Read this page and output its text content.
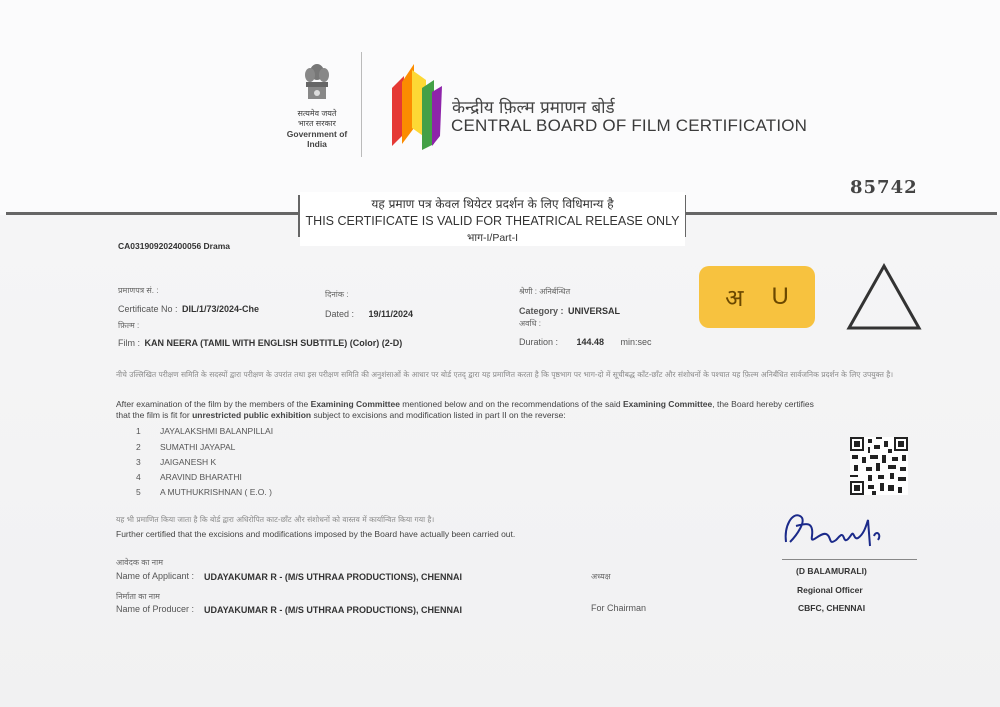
सत्यमेव जयते
भारत सरकार
Government of India
केन्द्रीय फ़िल्म प्रमाणन बोर्ड
CENTRAL BOARD OF FILM CERTIFICATION
85742
यह प्रमाण पत्र केवल थियेटर प्रदर्शन के लिए विधिमान्य है
THIS CERTIFICATE IS VALID FOR THEATRICAL RELEASE ONLY
भाग-I/Part-I
CA031909202400056 Drama
प्रमाणपत्र सं. :
Certificate No : DIL/1/73/2024-Che
दिनांक :
Dated : 19/11/2024
श्रेणी : अनिर्बन्धित
Category : UNIVERSAL
फ़िल्म :
Film : KAN NEERA (TAMIL WITH ENGLISH SUBTITLE) (Color) (2-D)
अवधि :
Duration : 144.48 min:sec
अ U
नीचे उल्लिखित परीक्षण समिति के सदस्यों द्वारा परीक्षण के उपरांत तथा इस परीक्षण समिति की अनुशंसाओं के आधार पर बोर्ड एतद् द्वारा यह प्रमाणित करता है कि पृष्ठभाग पर भाग-दो में सूचीबद्ध काँट-छाँट और संशोधनों के पश्चात यह फ़िल्म अनिर्बंधित सार्वजनिक प्रदर्शन के लिए उपयुक्त है।
After examination of the film by the members of the Examining Committee mentioned below and on the recommendations of the said Examining Committee, the Board hereby certifies
that the film is fit for unrestricted public exhibition subject to excisions and modification listed in part II on the reverse:
1 JAYALAKSHMI BALANPILLAI
2 SUMATHI JAYAPAL
3 JAIGANESH K
4 ARAVIND BHARATHI
5 A MUTHUKRISHNAN ( E.O. )
यह भी प्रमाणित किया जाता है कि बोर्ड द्वारा अधिरोपित काट-छाँट और संशोधनों को वास्तव में कार्यान्वित किया गया है।
Further certified that the excisions and modifications imposed by the Board have actually been carried out.
आवेदक का नाम
Name of Applicant : UDAYAKUMAR R - (M/S UTHRAA PRODUCTIONS), CHENNAI
निर्माता का नाम
Name of Producer : UDAYAKUMAR R - (M/S UTHRAA PRODUCTIONS), CHENNAI
अध्यक्ष
For Chairman
(D BALAMURALI)
Regional Officer
CBFC, CHENNAI
